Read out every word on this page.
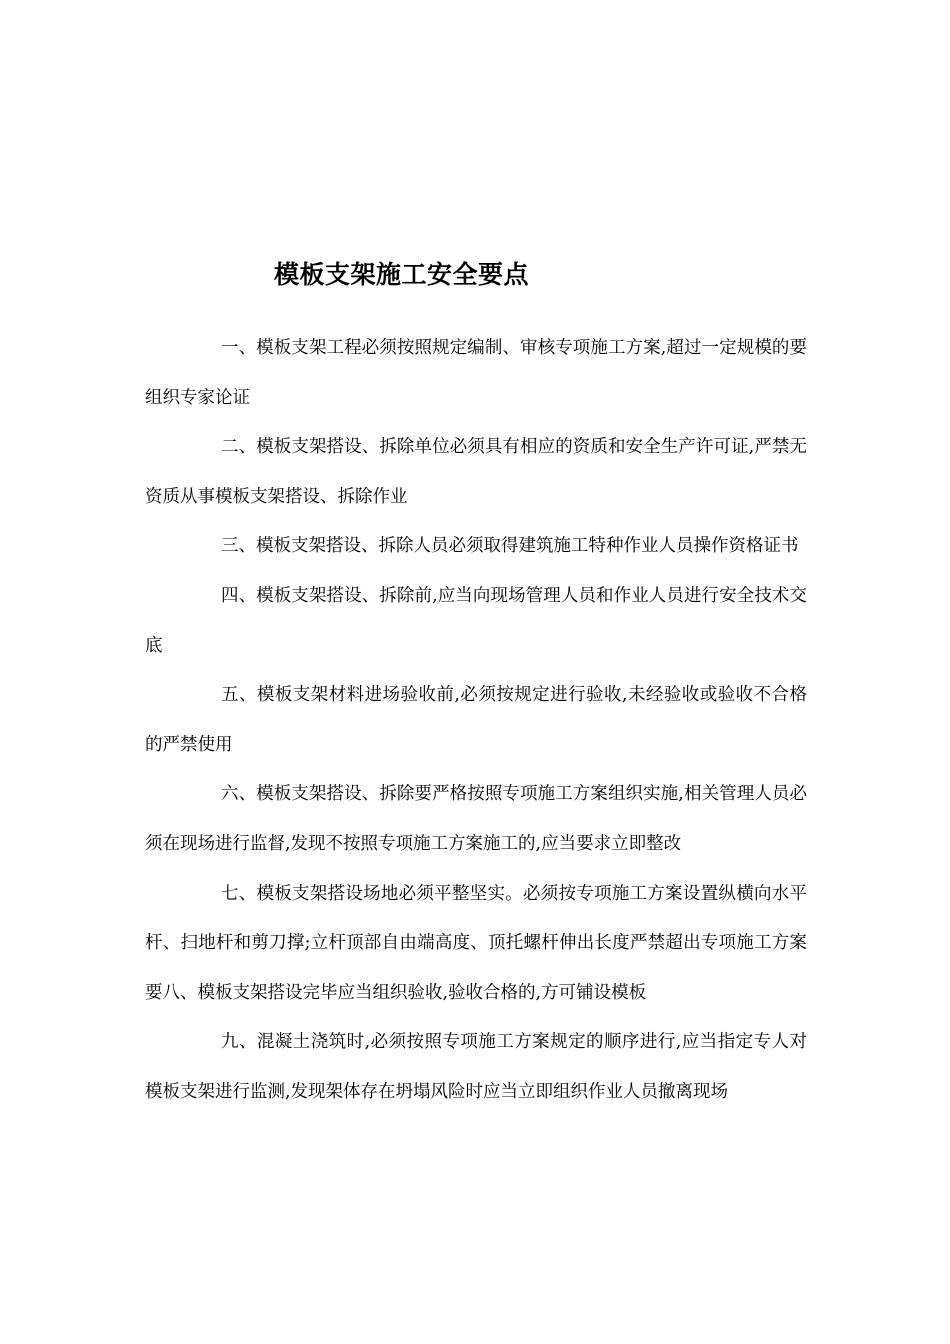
模板支架施工安全要点

一、模板支架工程必须按照规定编制、审核专项施工方案,超过一定规模的要组织专家论证

二、模板支架搭设、拆除单位必须具有相应的资质和安全生产许可证,严禁无资质从事模板支架搭设、拆除作业

三、模板支架搭设、拆除人员必须取得建筑施工特种作业人员操作资格证书

四、模板支架搭设、拆除前,应当向现场管理人员和作业人员进行安全技术交底

五、模板支架材料进场验收前,必须按规定进行验收,未经验收或验收不合格的严禁使用

六、模板支架搭设、拆除要严格按照专项施工方案组织实施,相关管理人员必须在现场进行监督,发现不按照专项施工方案施工的,应当要求立即整改

七、模板支架搭设场地必须平整坚实。必须按专项施工方案设置纵横向水平杆、扫地杆和剪刀撑;立杆顶部自由端高度、顶托螺杆伸出长度严禁超出专项施工方案要八、模板支架搭设完毕应当组织验收,验收合格的,方可铺设模板

九、混凝土浇筑时,必须按照专项施工方案规定的顺序进行,应当指定专人对模板支架进行监测,发现架体存在坍塌风险时应当立即组织作业人员撤离现场
